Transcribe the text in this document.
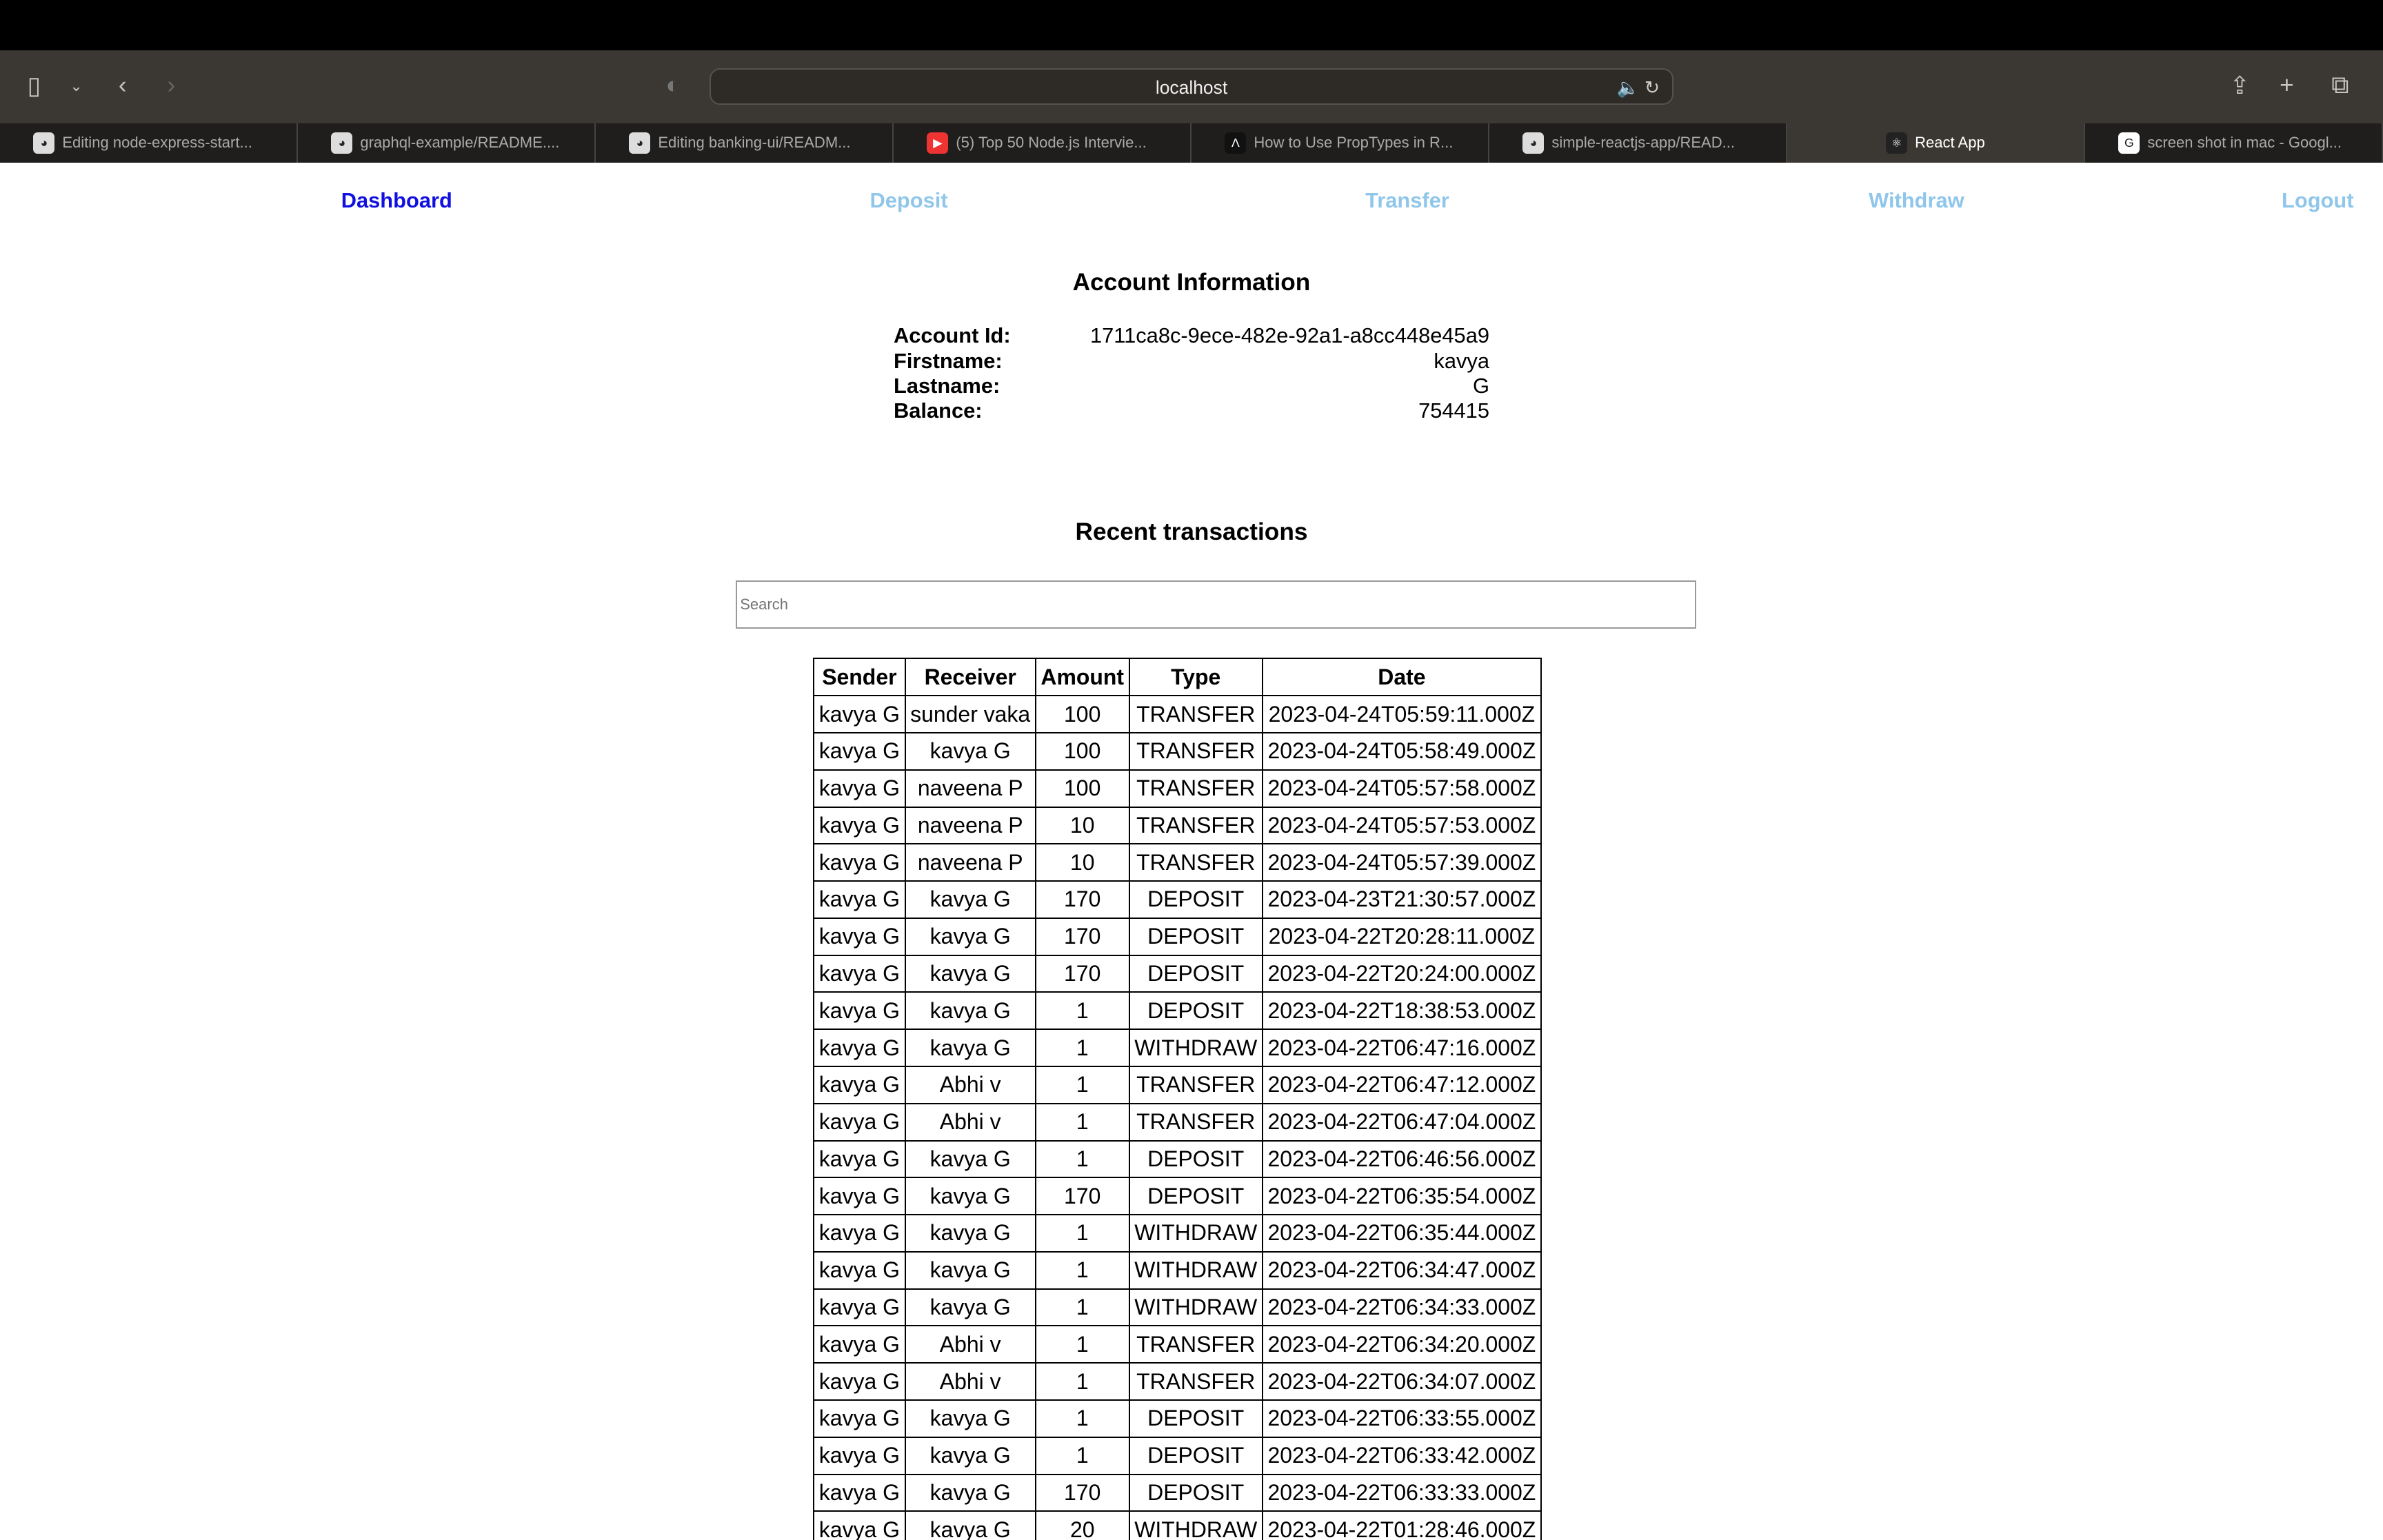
▯	⌄	‹	›	◐	localhost	🔈 ↻	⇪	+	⧉
◕	Editing node-express-start...	◕	graphql-example/README....	◕	Editing banking-ui/READM...	▶	(5) Top 50 Node.js Intervie...	Λ	How to Use PropTypes in R...	◕	simple-reactjs-app/READ...	⚛	React App	G	screen shot in mac - Googl...
Dashboard	Deposit	Transfer	Withdraw	Logout
Account Information
Account Id:	1711ca8c-9ece-482e-92a1-a8cc448e45a9
Firstname:	kavya
Lastname:	G
Balance:	754415
Recent transactions
Search
Sender	Receiver	Amount	Type	Date
kavya G	sunder vaka	100	TRANSFER	2023-04-24T05:59:11.000Z
kavya G	kavya G	100	TRANSFER	2023-04-24T05:58:49.000Z
kavya G	naveena P	100	TRANSFER	2023-04-24T05:57:58.000Z
kavya G	naveena P	10	TRANSFER	2023-04-24T05:57:53.000Z
kavya G	naveena P	10	TRANSFER	2023-04-24T05:57:39.000Z
kavya G	kavya G	170	DEPOSIT	2023-04-23T21:30:57.000Z
kavya G	kavya G	170	DEPOSIT	2023-04-22T20:28:11.000Z
kavya G	kavya G	170	DEPOSIT	2023-04-22T20:24:00.000Z
kavya G	kavya G	1	DEPOSIT	2023-04-22T18:38:53.000Z
kavya G	kavya G	1	WITHDRAW	2023-04-22T06:47:16.000Z
kavya G	Abhi v	1	TRANSFER	2023-04-22T06:47:12.000Z
kavya G	Abhi v	1	TRANSFER	2023-04-22T06:47:04.000Z
kavya G	kavya G	1	DEPOSIT	2023-04-22T06:46:56.000Z
kavya G	kavya G	170	DEPOSIT	2023-04-22T06:35:54.000Z
kavya G	kavya G	1	WITHDRAW	2023-04-22T06:35:44.000Z
kavya G	kavya G	1	WITHDRAW	2023-04-22T06:34:47.000Z
kavya G	kavya G	1	WITHDRAW	2023-04-22T06:34:33.000Z
kavya G	Abhi v	1	TRANSFER	2023-04-22T06:34:20.000Z
kavya G	Abhi v	1	TRANSFER	2023-04-22T06:34:07.000Z
kavya G	kavya G	1	DEPOSIT	2023-04-22T06:33:55.000Z
kavya G	kavya G	1	DEPOSIT	2023-04-22T06:33:42.000Z
kavya G	kavya G	170	DEPOSIT	2023-04-22T06:33:33.000Z
kavya G	kavya G	20	WITHDRAW	2023-04-22T01:28:46.000Z
